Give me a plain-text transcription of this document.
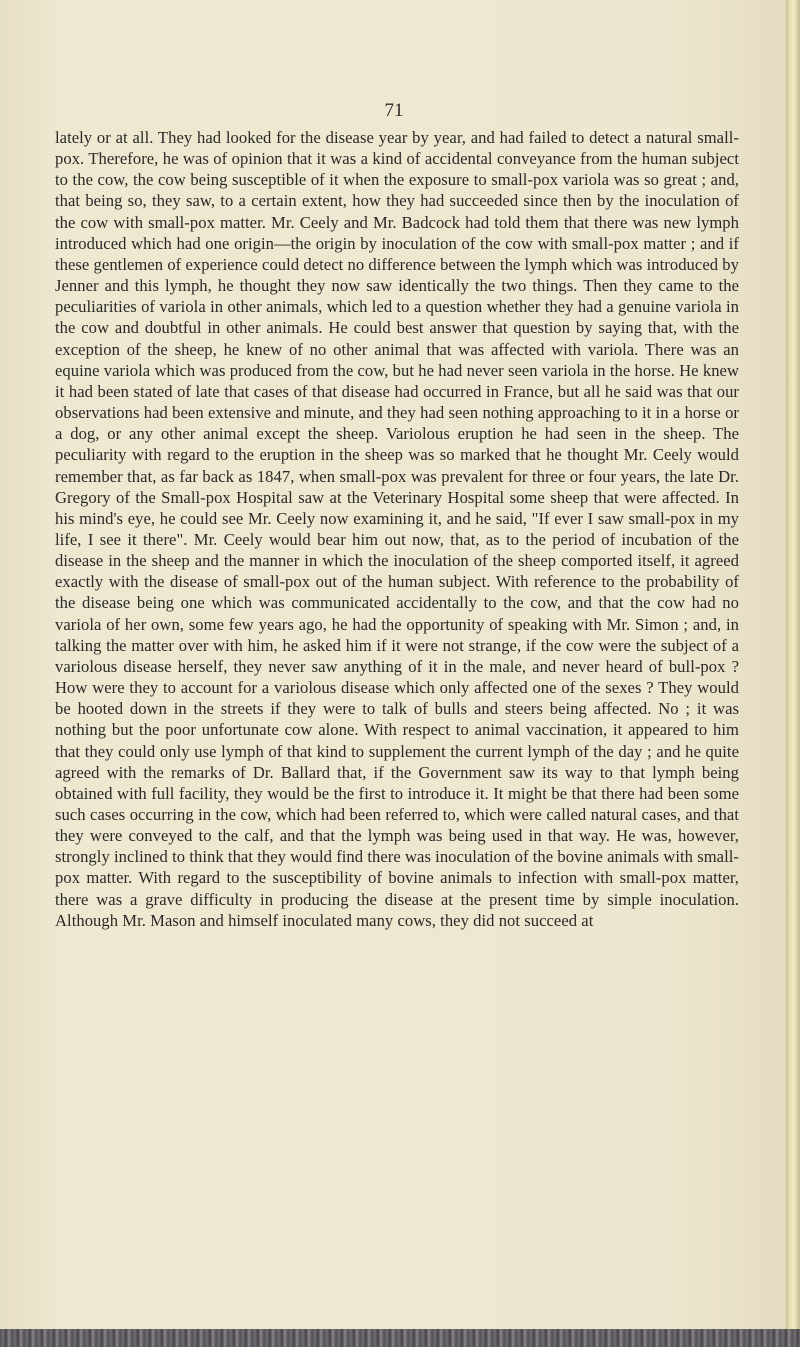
71

lately or at all. They had looked for the disease year by year, and had failed to detect a natural small-pox. Therefore, he was of opinion that it was a kind of accidental conveyance from the human subject to the cow, the cow being susceptible of it when the exposure to small-pox variola was so great ; and, that being so, they saw, to a certain extent, how they had succeeded since then by the inoculation of the cow with small-pox matter. Mr. Ceely and Mr. Badcock had told them that there was new lymph introduced which had one origin—the origin by inoculation of the cow with small-pox matter ; and if these gentlemen of experience could detect no difference between the lymph which was introduced by Jenner and this lymph, he thought they now saw identically the two things. Then they came to the peculiarities of variola in other animals, which led to a question whether they had a genuine variola in the cow and doubtful in other animals. He could best answer that question by saying that, with the exception of the sheep, he knew of no other animal that was affected with variola. There was an equine variola which was produced from the cow, but he had never seen variola in the horse. He knew it had been stated of late that cases of that disease had occurred in France, but all he said was that our observations had been extensive and minute, and they had seen nothing approaching to it in a horse or a dog, or any other animal except the sheep. Variolous eruption he had seen in the sheep. The peculiarity with regard to the eruption in the sheep was so marked that he thought Mr. Ceely would remember that, as far back as 1847, when small-pox was prevalent for three or four years, the late Dr. Gregory of the Small-pox Hospital saw at the Veterinary Hospital some sheep that were affected. In his mind's eye, he could see Mr. Ceely now examining it, and he said, "If ever I saw small-pox in my life, I see it there". Mr. Ceely would bear him out now, that, as to the period of incubation of the disease in the sheep and the manner in which the inoculation of the sheep comported itself, it agreed exactly with the disease of small-pox out of the human subject. With reference to the probability of the disease being one which was communicated accidentally to the cow, and that the cow had no variola of her own, some few years ago, he had the opportunity of speaking with Mr. Simon ; and, in talking the matter over with him, he asked him if it were not strange, if the cow were the subject of a variolous disease herself, they never saw anything of it in the male, and never heard of bull-pox ? How were they to account for a variolous disease which only affected one of the sexes ? They would be hooted down in the streets if they were to talk of bulls and steers being affected. No ; it was nothing but the poor unfortunate cow alone. With respect to animal vaccination, it appeared to him that they could only use lymph of that kind to supplement the current lymph of the day ; and he quite agreed with the remarks of Dr. Ballard that, if the Government saw its way to that lymph being obtained with full facility, they would be the first to introduce it. It might be that there had been some such cases occurring in the cow, which had been referred to, which were called natural cases, and that they were conveyed to the calf, and that the lymph was being used in that way. He was, however, strongly inclined to think that they would find there was inoculation of the bovine animals with small-pox matter. With regard to the susceptibility of bovine animals to infection with small-pox matter, there was a grave difficulty in producing the disease at the present time by simple inoculation. Although Mr. Mason and himself inoculated many cows, they did not succeed at
